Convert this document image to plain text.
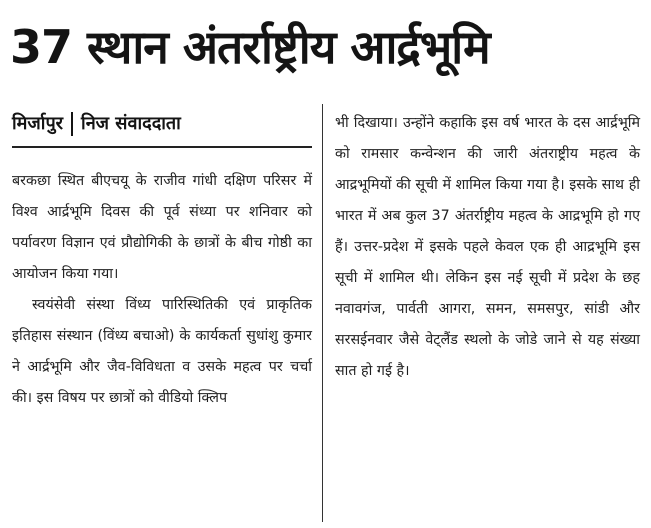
37 स्थान अंतर्राष्ट्रीय आर्द्रभूमि
मिर्जापुर निज संवाददाता

बरकछा स्थित बीएचयू के राजीव गांधी दक्षिण परिसर में विश्व आर्द्रभूमि दिवस की पूर्व संध्या पर शनिवार को पर्यावरण विज्ञान एवं प्रौद्योगिकी के छात्रों के बीच गोष्ठी का आयोजन किया गया।

स्वयंसेवी संस्था विंध्य पारिस्थितिकी एवं प्राकृतिक इतिहास संस्थान (विंध्य बचाओ) के कार्यकर्ता सुधांशु कुमार ने आर्द्रभूमि और जैव-विविधता व उसके महत्व पर चर्चा की। इस विषय पर छात्रों को वीडियो क्लिप

भी दिखाया। उन्होंने कहाकि इस वर्ष भारत के दस आर्द्रभूमि को रामसार कन्वेन्शन की जारी अंतराष्ट्रीय महत्व के आद्रभूमियों की सूची में शामिल किया गया है। इसके साथ ही भारत में अब कुल 37 अंतर्राष्ट्रीय महत्व के आद्रभूमि हो गए हैं। उत्तर-प्रदेश में इसके पहले केवल एक ही आद्रभूमि इस सूची में शामिल थी। लेकिन इस नई सूची में प्रदेश के छह नवावगंज, पार्वती आगरा, समन, समसपुर, सांडी और सरसईनवार जैसे वेट्लैंड स्थलो के जोडे जाने से यह संख्या सात हो गई है।
